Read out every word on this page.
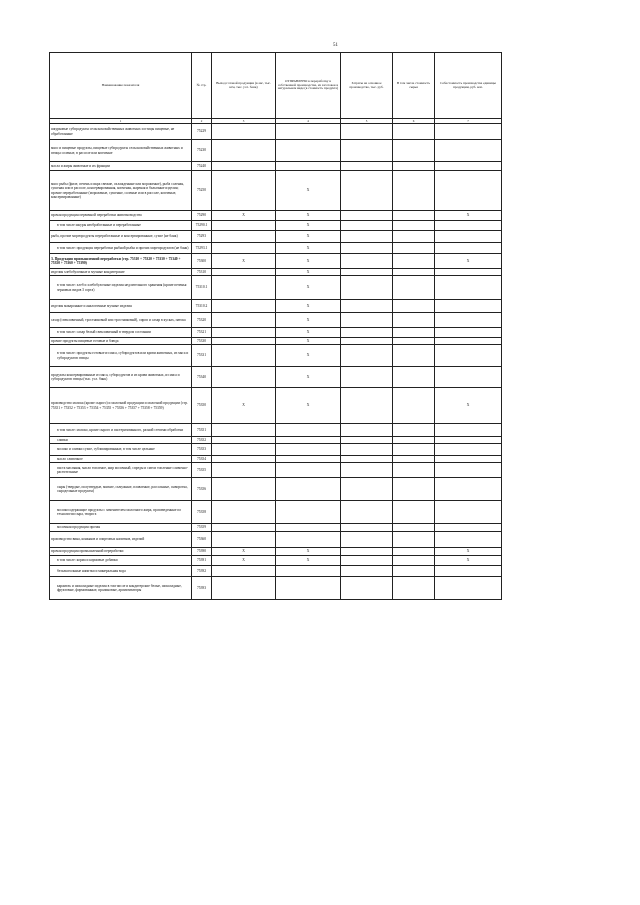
51
Наименование показателя	№ стр.	Выход готовой продукции (в авс, тыс. кгм, тыс. усл. банк)	ОТПРАВЛЕНО в переработку в собственной производства, из заготовок в натуральном виде (в стоимость продукта)	Затраты на основное производство, тыс. руб.	В том числе стоимость сырья	Себестоимость производства единицы продукции, руб. коп.
1	2	3	4	5	6	7
шкурковые субпродукты сельскохозяйственных животных и птицы пищевые, не обработанные	75229					
мясо и пищевые продукты, пищевые субпродукты сельскохозяйственных животных и птицы соленые, в рассоле или копченые	75230					
масла и жиры животные и их фракции	75240					
мясо рыбы (филе, печень и икра свежие, охлажденные или мороженые), рыба соленая, сушеная или в рассоле, консервированная, копченая, жареная и балычные изделия; прочие переработанные (мороженые, сушеные, соленые или в рассоле, копченые, консервированные)	75250		X			
прочая продукция первичной переработки животноводства	75290	X	X			X
в том числе шкуры необработанные и переработанные	75290.1		X			
рыба, прочие морепродукты переработанные и консервированные, сухие (не банк)	75293		X			
в том числе: продукция переработки рыбной рыбы и прочих морепродуктов (не банк)	75293.1		X			
3. Продукция промышленной переработки (стр. 75310 + 75320 + 75330 + 75340 + 75350 + 75360 + 75390)	75300	X	X			X
изделия хлебобулочные и мучные кондитерские	75310		X			
в том числе: хлеб и хлебобулочные изделия недлительного хранения (кроме печенья зерновых видов 3 сорта)	75310.1		X			
изделия макаронные и аналогичные мучные изделия	75310.2		X			
сахар (свекловичный, тростниковый или тростниковый), сироп и сахар в кусках, патока	75320		X			
в том числе: сахар белый свекловичный в твердом состоянии	75321		X			
прочие продукты пищевые готовые и блюда	75330		X			
в том числе: продукты готовые из мяса, субпродуктов или крови животных, из мяса и субпродуктов птицы	75331		X			
продукты консервированные из мяса, субпродуктов и из крови животных, из мяса и субпродуктов птицы (тыс. усл. банк)	75340		X			
производство молока (кроме сырого) и молочной продукции и молочной продукции (стр. 75351 + 75352 + 75353 + 75354 + 75355 + 75356 + 75357 + 75358 + 75359)	75350	X	X			X
в том числе: молоко, кроме сырого и пастеризованного, разной степени обработки	75351					
сливки	75352					
молоко и сливки сухие, сублимированные, в том числе цельные	75353					
масло сливочное	75354					
паста масляная, масло топленое, жир молочный, спреды и смеси топленые сливочно-растительные	75355					
сыры (твердые, полутвердые, мягкие, сычужные, плавленые, рассольные, сыворотка, сыродельные продукты)	75356					
молокосодержащие продукты с заменителем молочного жира, произведенные по технологии сыра, творога	75358					
молочная продукция прочая	75359					
производство вина, коньяков и спиртовых напитков, изделий	75360					
прочая продукция промышленной переработки	75390	X	X			X
в том числе: корма и кормовые добавки	75391	X	X			X
безалкогольные напитки и минеральная вода	75392					
карамель и шоколадные изделия в том числе и кондитерские белые, шоколадные, фруктовые, формованные, пралиновые, ароматизаторы	75393					
